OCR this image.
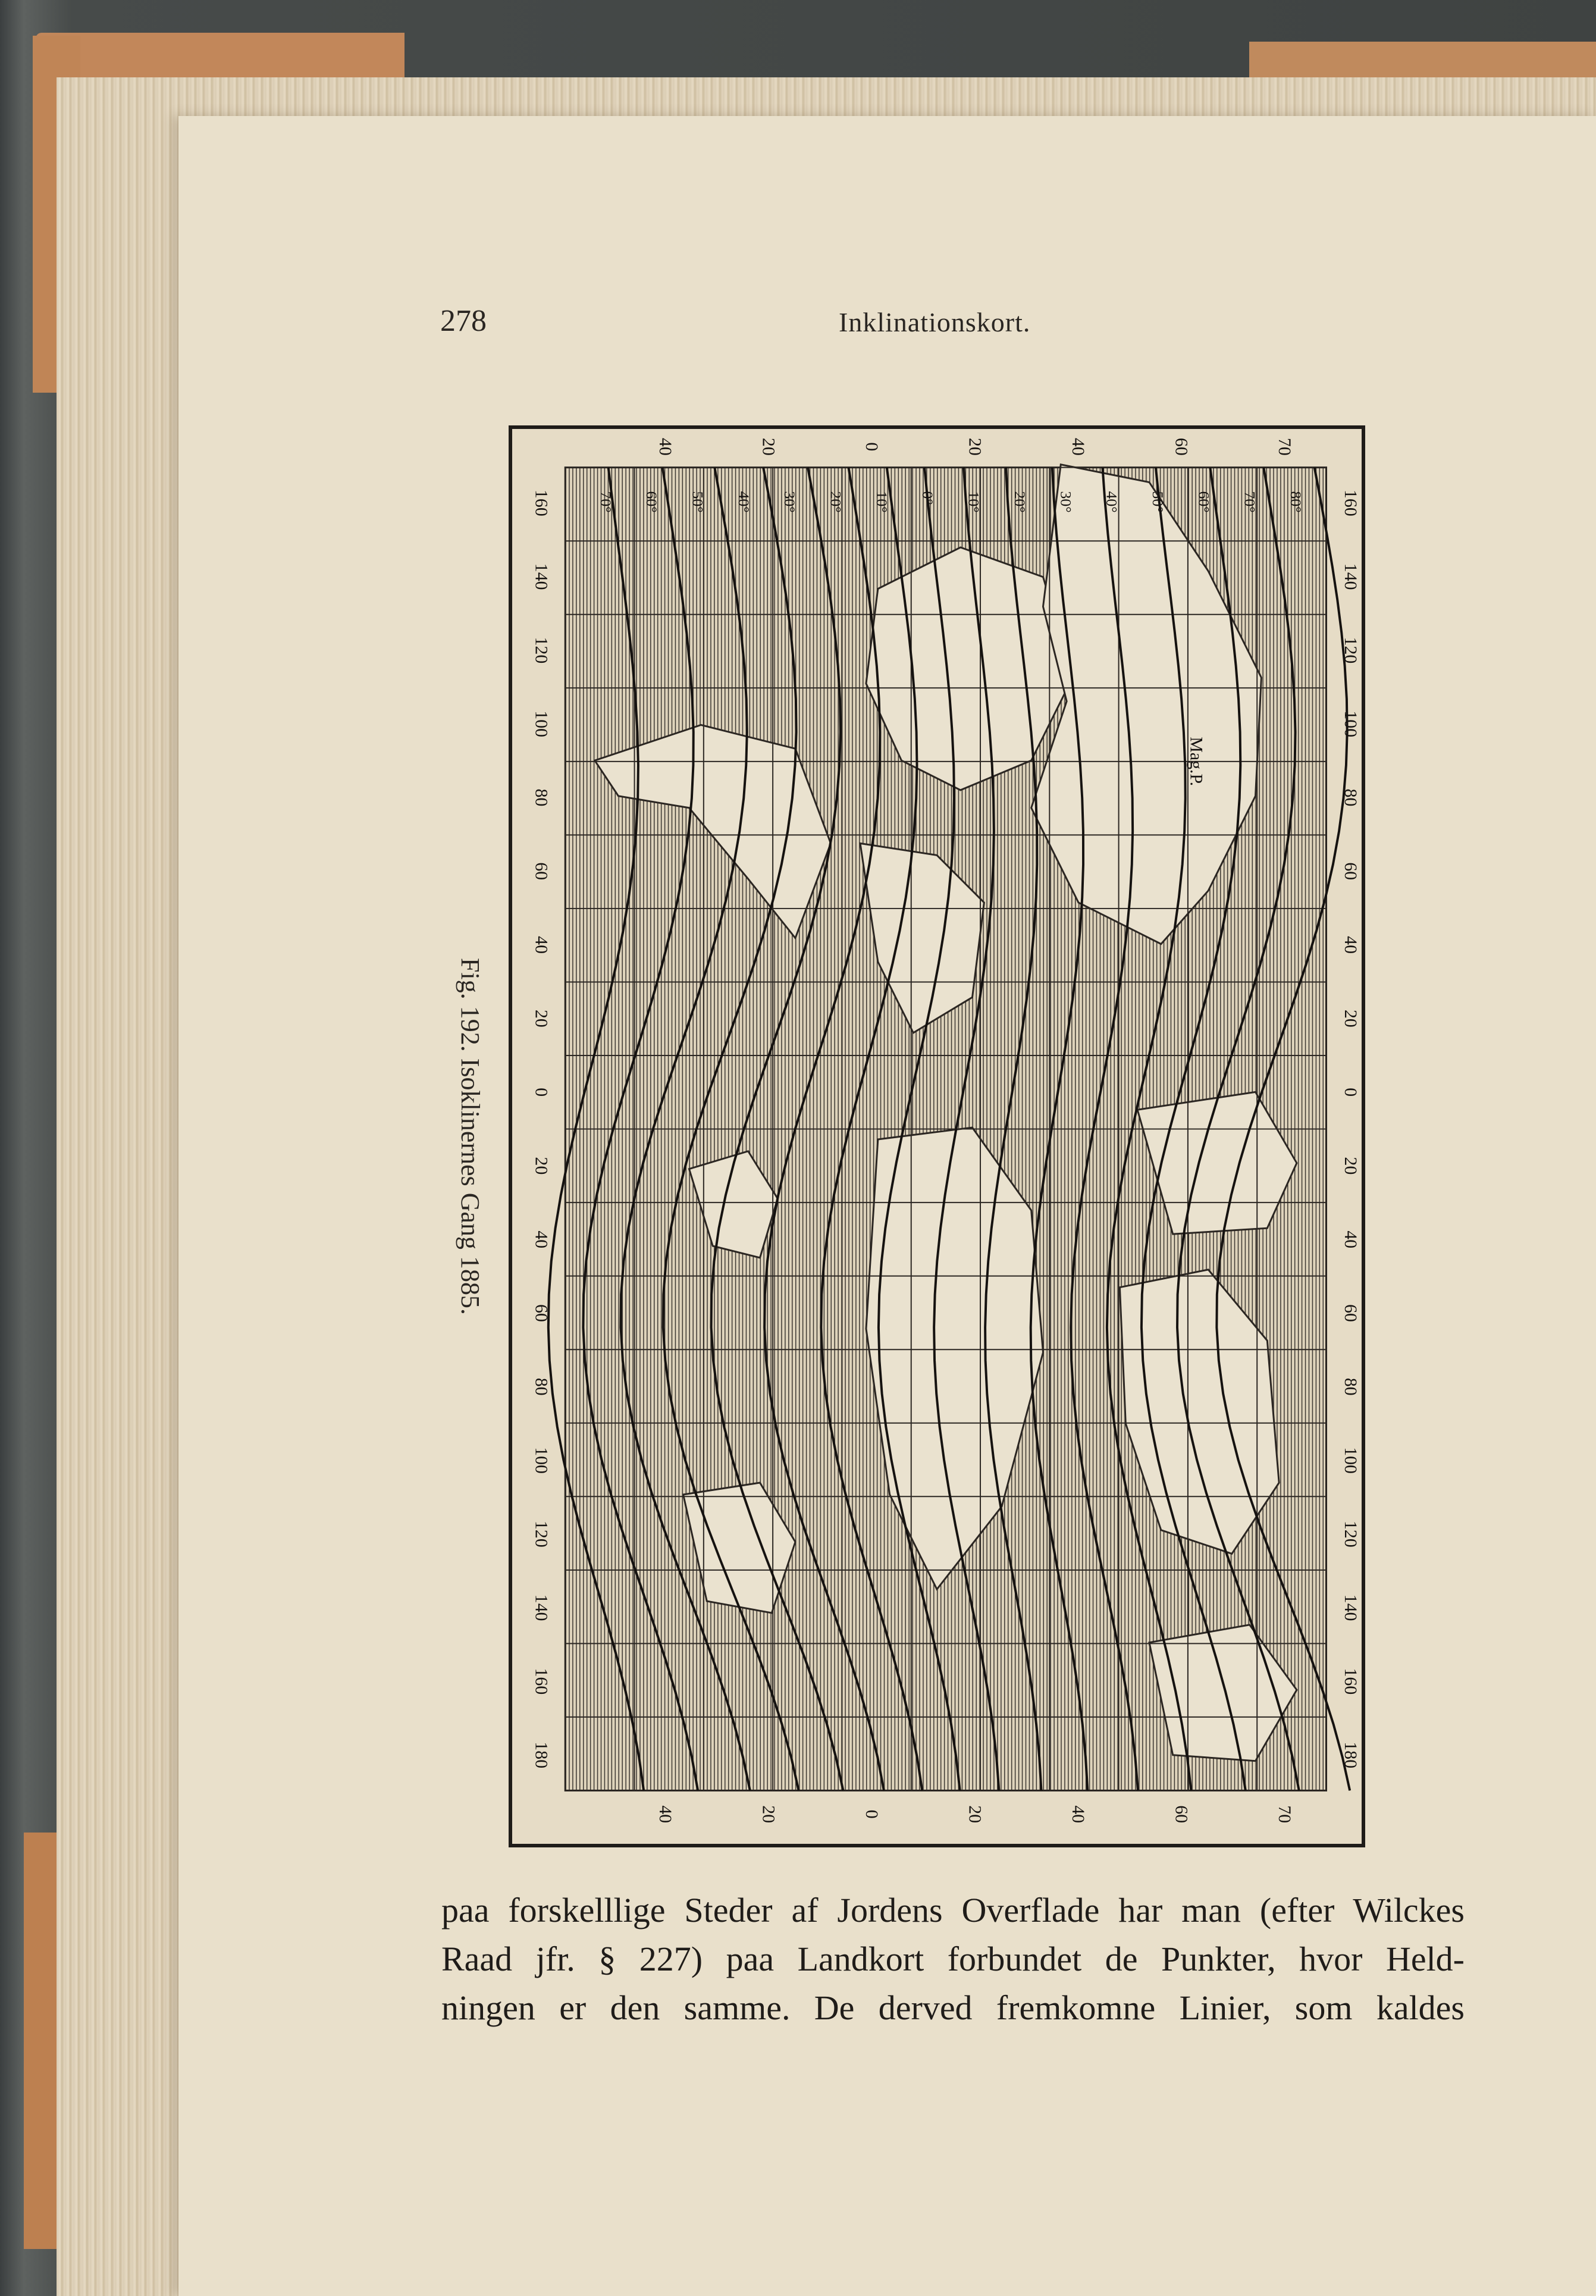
278	Inklinationskort.
70° 60° 50° 40° 30° 20° 10° 0° 10° 20° 30° 40° 50° 60° 70° 80°
Mag.P.
160
140
120
100
80
60
40
20
0
20
40
60
80
100
120
140
160
180
160
140
120
100
80
60
40
20
0
20
40
60
80
100
120
140
160
180
40	20	0	20	40	60	70
40	20	0	20	40	60	70
Fig. 192. Isoklinernes Gang 1885.
paa forskelllige Steder af Jordens Overflade har man (efter Wilckes
Raad jfr. § 227) paa Landkort forbundet de Punkter, hvor Held-
ningen er den samme. De derved fremkomne Linier, som kaldes
